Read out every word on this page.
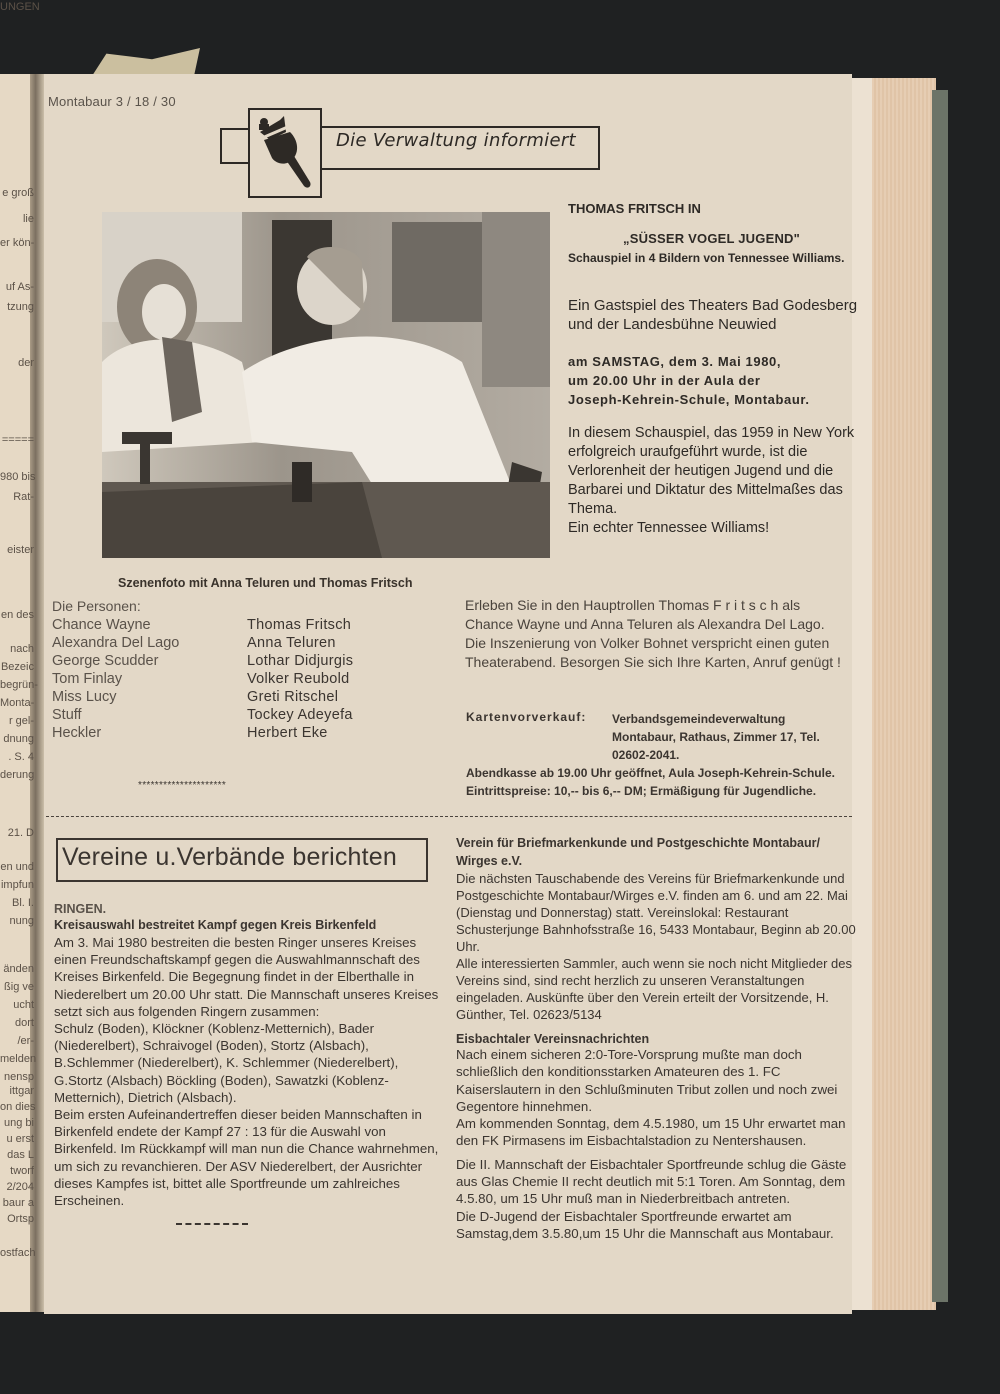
e groß
lie
er kön-
uf As-
tzung
der
=====
980 bis
Rat-
eister
en des
nach
Bezeic
begrün-
Monta-
r gel-
dnung
. S. 4
derung
21. D
en und
impfun
Bl. I.
nung
änden
ßig ve
ucht
dort
/er-
melden
nensp
ittgar
on dies
ung bi
u erst
das L
tworf
2/204
baur a
Ortsp
ostfach
UNGEN
Montabaur 3 / 18 / 30
Die Verwaltung informiert
Szenenfoto mit Anna Teluren und Thomas Fritsch
THOMAS FRITSCH IN
„SÜSSER VOGEL JUGEND"
Schauspiel in 4 Bildern von Tennessee Williams.
Ein Gastspiel des Theaters Bad Godesberg und der Landesbühne Neuwied
am SAMSTAG, dem 3. Mai 1980,
um 20.00 Uhr in der Aula der
Joseph-Kehrein-Schule, Montabaur.
In diesem Schauspiel, das 1959 in New York erfolgreich uraufgeführt wurde, ist die Verlorenheit der heutigen Jugend und die Barbarei und Diktatur des Mittelmaßes das Thema.
Ein echter Tennessee Williams!
Die Personen:
Chance Wayne	Thomas Fritsch
Alexandra Del Lago	Anna Teluren
George Scudder	Lothar Didjurgis
Tom Finlay	Volker Reubold
Miss Lucy	Greti Ritschel
Stuff	Tockey Adeyefa
Heckler	Herbert Eke
*********************
Erleben Sie in den Hauptrollen Thomas F r i t s c h als Chance Wayne und Anna Teluren als Alexandra Del Lago.
Die Inszenierung von Volker Bohnet verspricht einen guten Theaterabend. Besorgen Sie sich Ihre Karten, Anruf genügt !
Kartenvorverkauf: Verbandsgemeindeverwaltung Montabaur, Rathaus, Zimmer 17, Tel. 02602-2041.
Abendkasse ab 19.00 Uhr geöffnet, Aula Joseph-Kehrein-Schule. Eintrittspreise: 10,-- bis 6,-- DM; Ermäßigung für Jugendliche.
Vereine u.Verbände berichten
RINGEN.
Kreisauswahl bestreitet Kampf gegen Kreis Birkenfeld

Am 3. Mai 1980 bestreiten die besten Ringer unseres Kreises einen Freundschaftskampf gegen die Auswahlmannschaft des Kreises Birkenfeld. Die Begegnung findet in der Elberthalle in Niederelbert um 20.00 Uhr statt. Die Mannschaft unseres Kreises setzt sich aus folgenden Ringern zusammen:

Schulz (Boden), Klöckner (Koblenz-Metternich), Bader (Niederelbert), Schraivogel (Boden), Stortz (Alsbach), B.Schlemmer (Niederelbert), K. Schlemmer (Niederelbert), G.Stortz (Alsbach) Böckling (Boden), Sawatzki (Koblenz-Metternich), Dietrich (Alsbach).

Beim ersten Aufeinandertreffen dieser beiden Mannschaften in Birkenfeld endete der Kampf 27 : 13 für die Auswahl von Birkenfeld. Im Rückkampf will man nun die Chance wahrnehmen, um sich zu revanchieren. Der ASV Niederelbert, der Ausrichter dieses Kampfes ist, bittet alle Sportfreunde um zahlreiches Erscheinen.

Verein für Briefmarkenkunde und Postgeschichte Montabaur/ Wirges e.V.

Die nächsten Tauschabende des Vereins für Briefmarkenkunde und Postgeschichte Montabaur/Wirges e.V. finden am 6. und am 22. Mai (Dienstag und Donnerstag) statt. Vereinslokal: Restaurant Schusterjunge Bahnhofsstraße 16, 5433 Montabaur, Beginn ab 20.00 Uhr.

Alle interessierten Sammler, auch wenn sie noch nicht Mitglieder des Vereins sind, sind recht herzlich zu unseren Veranstaltungen eingeladen. Auskünfte über den Verein erteilt der Vorsitzende, H. Günther, Tel. 02623/5134

Eisbachtaler Vereinsnachrichten

Nach einem sicheren 2:0-Tore-Vorsprung mußte man doch schließlich den konditionsstarken Amateuren des 1. FC Kaiserslautern in den Schlußminuten Tribut zollen und noch zwei Gegentore hinnehmen.

Am kommenden Sonntag, dem 4.5.1980, um 15 Uhr erwartet man den FK Pirmasens im Eisbachtalstadion zu Nentershausen.

Die II. Mannschaft der Eisbachtaler Sportfreunde schlug die Gäste aus Glas Chemie II recht deutlich mit 5:1 Toren. Am Sonntag, dem 4.5.80, um 15 Uhr muß man in Niederbreitbach antreten.

Die D-Jugend der Eisbachtaler Sportfreunde erwartet am Samstag,dem 3.5.80,um 15 Uhr die Mannschaft aus Montabaur.
